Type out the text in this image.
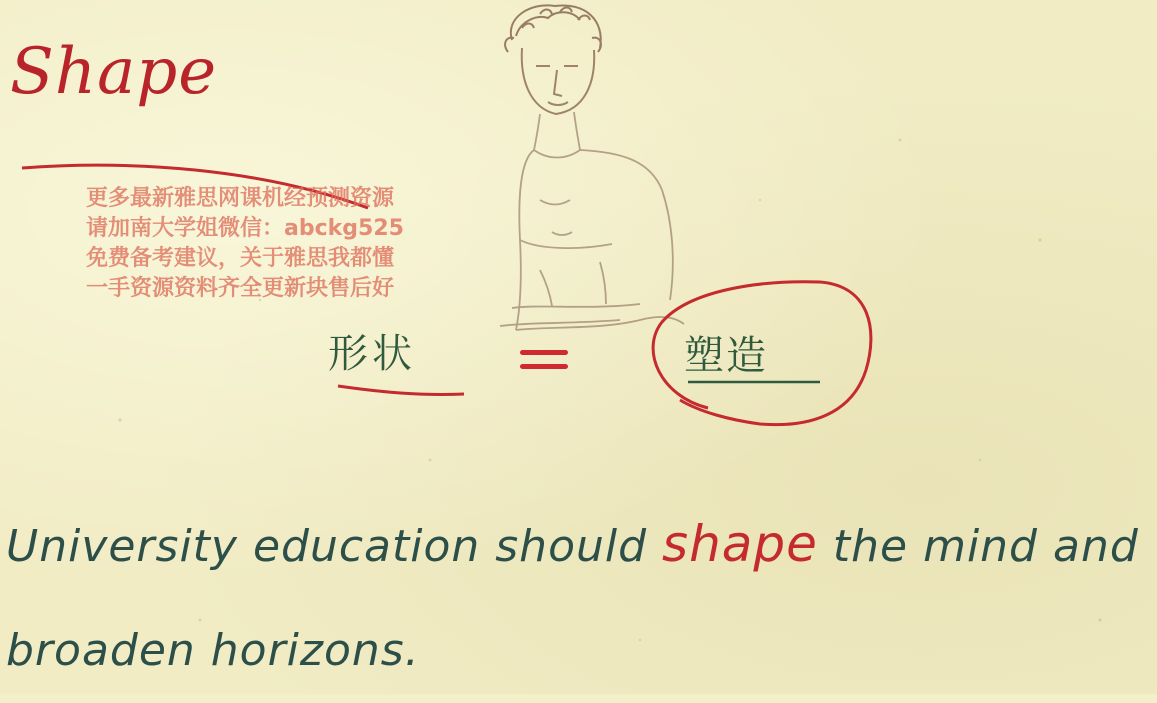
Shape
更多最新雅思网课机经预测资源
请加南大学姐微信：abckg525
免费备考建议，关于雅思我都懂
一手资源资料齐全更新块售后好
形状	塑造
University education should shape the mind and
broaden horizons.
